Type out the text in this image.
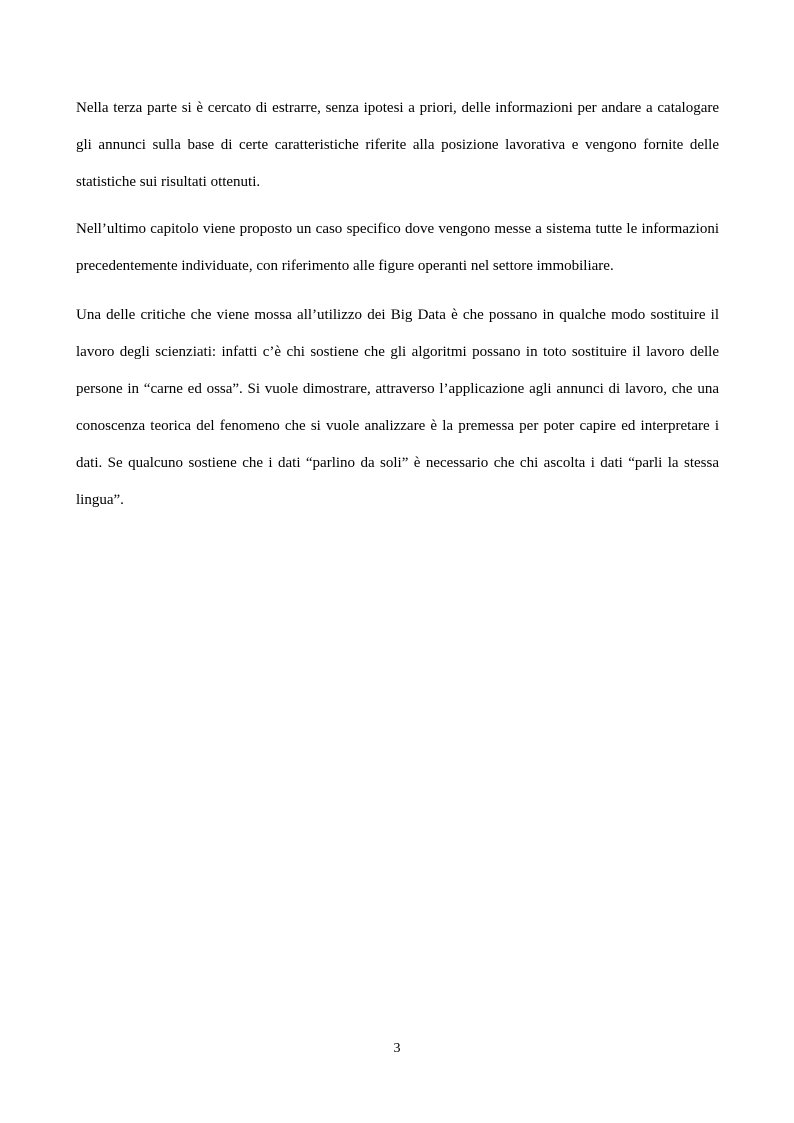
Nella terza parte si è cercato di estrarre, senza ipotesi a priori, delle informazioni per andare a catalogare gli annunci sulla base di certe caratteristiche riferite alla posizione lavorativa e vengono fornite delle statistiche sui risultati ottenuti.

Nell’ultimo capitolo viene proposto un caso specifico dove vengono messe a sistema tutte le informazioni precedentemente individuate, con riferimento alle figure operanti nel settore immobiliare.

Una delle critiche che viene mossa all’utilizzo dei Big Data è che possano in qualche modo sostituire il lavoro degli scienziati: infatti c’è chi sostiene che gli algoritmi possano in toto sostituire il lavoro delle persone in “carne ed ossa”. Si vuole dimostrare, attraverso l’applicazione agli annunci di lavoro, che una conoscenza teorica del fenomeno che si vuole analizzare è la premessa per poter capire ed interpretare i dati. Se qualcuno sostiene che i dati “parlino da soli” è necessario che chi ascolta i dati “parli la stessa lingua”.

3
